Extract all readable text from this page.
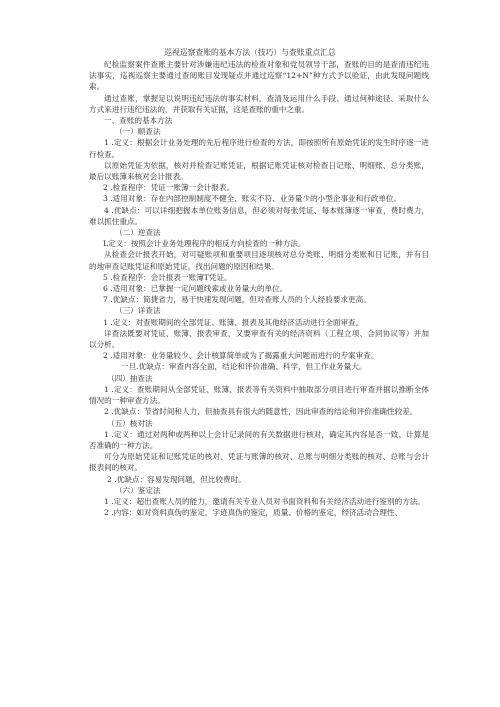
巡视巡察查账的基本方法（技巧）与查账重点汇总

纪检监察案件查账主要针对涉嫌违纪违法的检查对象和党员领导干部，查账的目的是查清违纪违法事实，巡视巡察主要通过查阅账目发现疑点并通过巡察“12+N”种方式予以验证，由此发现问题线索。

通过查账，掌握足以说明违纪违法的事实材料，查清及运用什么手段、通过何种途径、采取什么方式来进行违纪违法的，并获取有关证据，这是查账的重中之重。

一、查账的基本方法

（一）顺查法

1 .定义：根据会计业务处理的先后程序进行检查的方法，即按照所有原始凭证的发生时序逐一进行检查。

以原始凭证为依据，核对并检查记账凭证，根据记账凭证核对检查日记账、明细账、总分类账，最后以账簿来核对会计报表。

2 .检查程序：凭证一账簿一会计报表。

3 .适用对象：存在内部控制制度不健全、账实不符、业务量少的小型企事业和行政单位。

4 .优缺点：可以详细把握本单位账务信息，但必须对每张凭证、每本账簿逐一审查，费时费力，难以抓住重点。

（二）逆查法

L定义：按照会计业务处理程序的相反方向检查的一种方法。

从检查会计报表开始，对可疑账项和重要项目逐项核对总分类账、明细分类账和日记账，并有目的地审查记账凭证和原始凭证，找出问题的原因和结果。

5 .检查程序：会计报表一账簿T凭证。

6 .适用对象：已掌握一定问题线索或业务量大的单位。

7 .优缺点：简捷省力，易于快速发现问题，但对查账人员的个人经验要求更高。

（三）详查法

1 .定义：对查账期间的全部凭证、账簿、报表及其他经济活动进行全面审查。

详查法既要对凭证、账簿、报表审查，又要审查有关的经济资料（工程立项、合同协议等）并加以分析。

2 .适用对象：业务量较少、会计核算简单或为了揭露重大问题而进行的专案审查。

一旦.优缺点：审查内容全面，结论和评价准确、科学，但工作业务量大。

（四）抽查法

1 .定义：查账期间从全部凭证、账簿、报表等有关资料中抽取部分项目进行审查并据以推断全体情况的一种审查方法。

2 .优缺点：节省时间和人力，但抽查具有很大的随意性，因此审查的结论和评价准确性较差。

（五）核对法

1 .定义：通过对两种或两种以上会计记录间的有关数据进行核对，确定其内容是否一致、计算是否准确的一种方法。

可分为原始凭证和记账凭证的核对、凭证与账簿的核对、总账与明细分类账的核对、总账与会计报表间的核对。

2 .优缺点：容易发现问题，但比较费时。

（六）鉴定法

1 .定义：超出查账人员的能力，邀请有关专业人员对书面资料和有关经济活动进行鉴别的方法。

2 .内容：如对资料真伪的鉴定，字迹真伪的鉴定，质量、价格的鉴定，经济活动合理性、
